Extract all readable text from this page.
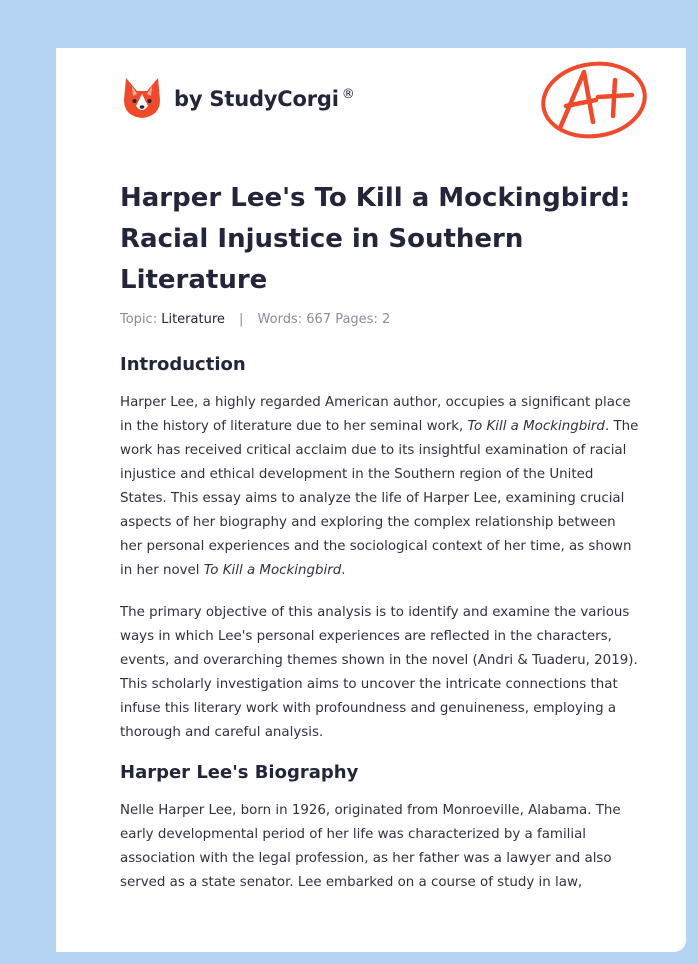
by StudyCorgi ®
Harper Lee's To Kill a Mockingbird: Racial Injustice in Southern Literature
Topic: Literature | Words: 667 Pages: 2
Introduction

Harper Lee, a highly regarded American author, occupies a significant place in the history of literature due to her seminal work, To Kill a Mockingbird. The work has received critical acclaim due to its insightful examination of racial injustice and ethical development in the Southern region of the United States. This essay aims to analyze the life of Harper Lee, examining crucial aspects of her biography and exploring the complex relationship between her personal experiences and the sociological context of her time, as shown in her novel To Kill a Mockingbird.

The primary objective of this analysis is to identify and examine the various ways in which Lee's personal experiences are reflected in the characters, events, and overarching themes shown in the novel (Andri & Tuaderu, 2019). This scholarly investigation aims to uncover the intricate connections that infuse this literary work with profoundness and genuineness, employing a thorough and careful analysis.

Harper Lee's Biography

Nelle Harper Lee, born in 1926, originated from Monroeville, Alabama. The early developmental period of her life was characterized by a familial association with the legal profession, as her father was a lawyer and also served as a state senator. Lee embarked on a course of study in law,
